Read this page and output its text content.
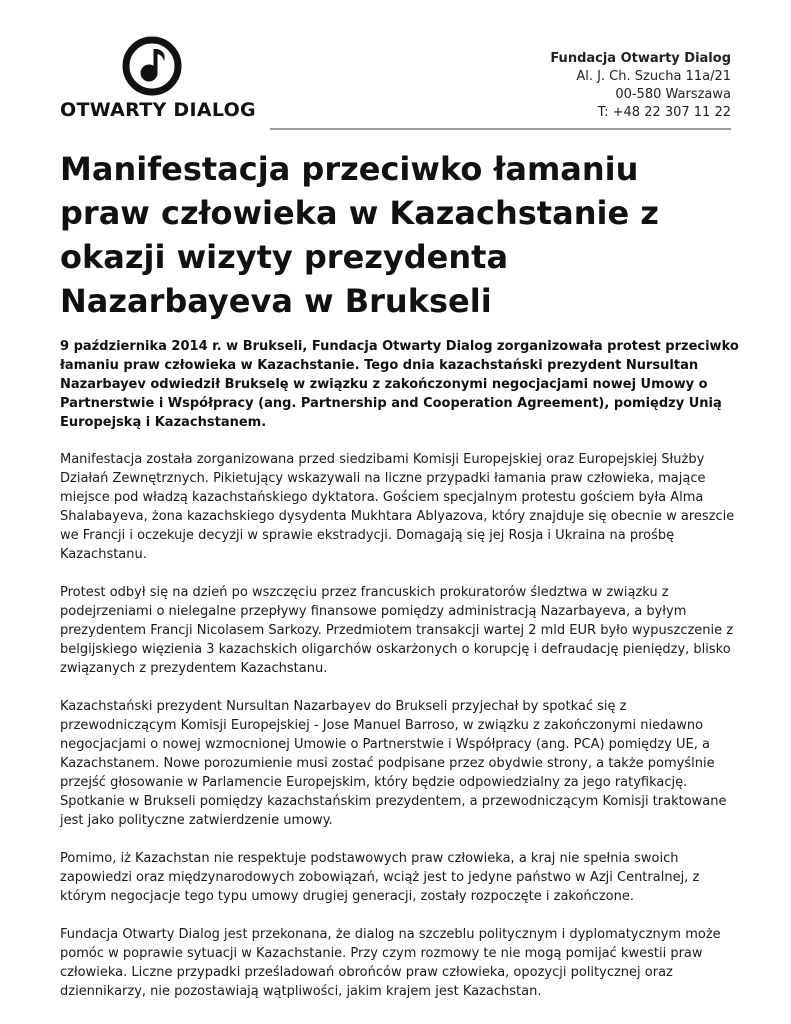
OTWARTY DIALOG
Fundacja Otwarty Dialog
Al. J. Ch. Szucha 11a/21
00-580 Warszawa
T: +48 22 307 11 22
Manifestacja przeciwko łamaniu praw człowieka w Kazachstanie z okazji wizyty prezydenta Nazarbayeva w Brukseli

9 października 2014 r. w Brukseli, Fundacja Otwarty Dialog zorganizowała protest przeciwko łamaniu praw człowieka w Kazachstanie. Tego dnia kazachstański prezydent Nursultan Nazarbayev odwiedził Brukselę w związku z zakończonymi negocjacjami nowej Umowy o Partnerstwie i Współpracy (ang. Partnership and Cooperation Agreement), pomiędzy Unią Europejską i Kazachstanem.

Manifestacja została zorganizowana przed siedzibami Komisji Europejskiej oraz Europejskiej Służby Działań Zewnętrznych. Pikietujący wskazywali na liczne przypadki łamania praw człowieka, mające miejsce pod władzą kazachstańskiego dyktatora. Gościem specjalnym protestu gościem była Alma Shalabayeva, żona kazachskiego dysydenta Mukhtara Ablyazova, który znajduje się obecnie w areszcie we Francji i oczekuje decyzji w sprawie ekstradycji. Domagają się jej Rosja i Ukraina na prośbę Kazachstanu.

Protest odbył się na dzień po wszczęciu przez francuskich prokuratorów śledztwa w związku z podejrzeniami o nielegalne przepływy finansowe pomiędzy administracją Nazarbayeva, a byłym prezydentem Francji Nicolasem Sarkozy. Przedmiotem transakcji wartej 2 mld EUR było wypuszczenie z belgijskiego więzienia 3 kazachskich oligarchów oskarżonych o korupcję i defraudację pieniędzy, blisko związanych z prezydentem Kazachstanu.

Kazachstański prezydent Nursultan Nazarbayev do Brukseli przyjechał by spotkać się z przewodniczącym Komisji Europejskiej - Jose Manuel Barroso, w związku z zakończonymi niedawno negocjacjami o nowej wzmocnionej Umowie o Partnerstwie i Współpracy (ang. PCA) pomiędzy UE, a Kazachstanem. Nowe porozumienie musi zostać podpisane przez obydwie strony, a także pomyślnie przejść głosowanie w Parlamencie Europejskim, który będzie odpowiedzialny za jego ratyfikację. Spotkanie w Brukseli pomiędzy kazachstańskim prezydentem, a przewodniczącym Komisji traktowane jest jako polityczne zatwierdzenie umowy.

Pomimo, iż Kazachstan nie respektuje podstawowych praw człowieka, a kraj nie spełnia swoich zapowiedzi oraz międzynarodowych zobowiązań, wciąż jest to jedyne państwo w Azji Centralnej, z którym negocjacje tego typu umowy drugiej generacji, zostały rozpoczęte i zakończone.

Fundacja Otwarty Dialog jest przekonana, że dialog na szczeblu politycznym i dyplomatycznym może pomóc w poprawie sytuacji w Kazachstanie. Przy czym rozmowy te nie mogą pomijać kwestii praw człowieka. Liczne przypadki prześladowań obrońców praw człowieka, opozycji politycznej oraz dziennikarzy, nie pozostawiają wątpliwości, jakim krajem jest Kazachstan.
